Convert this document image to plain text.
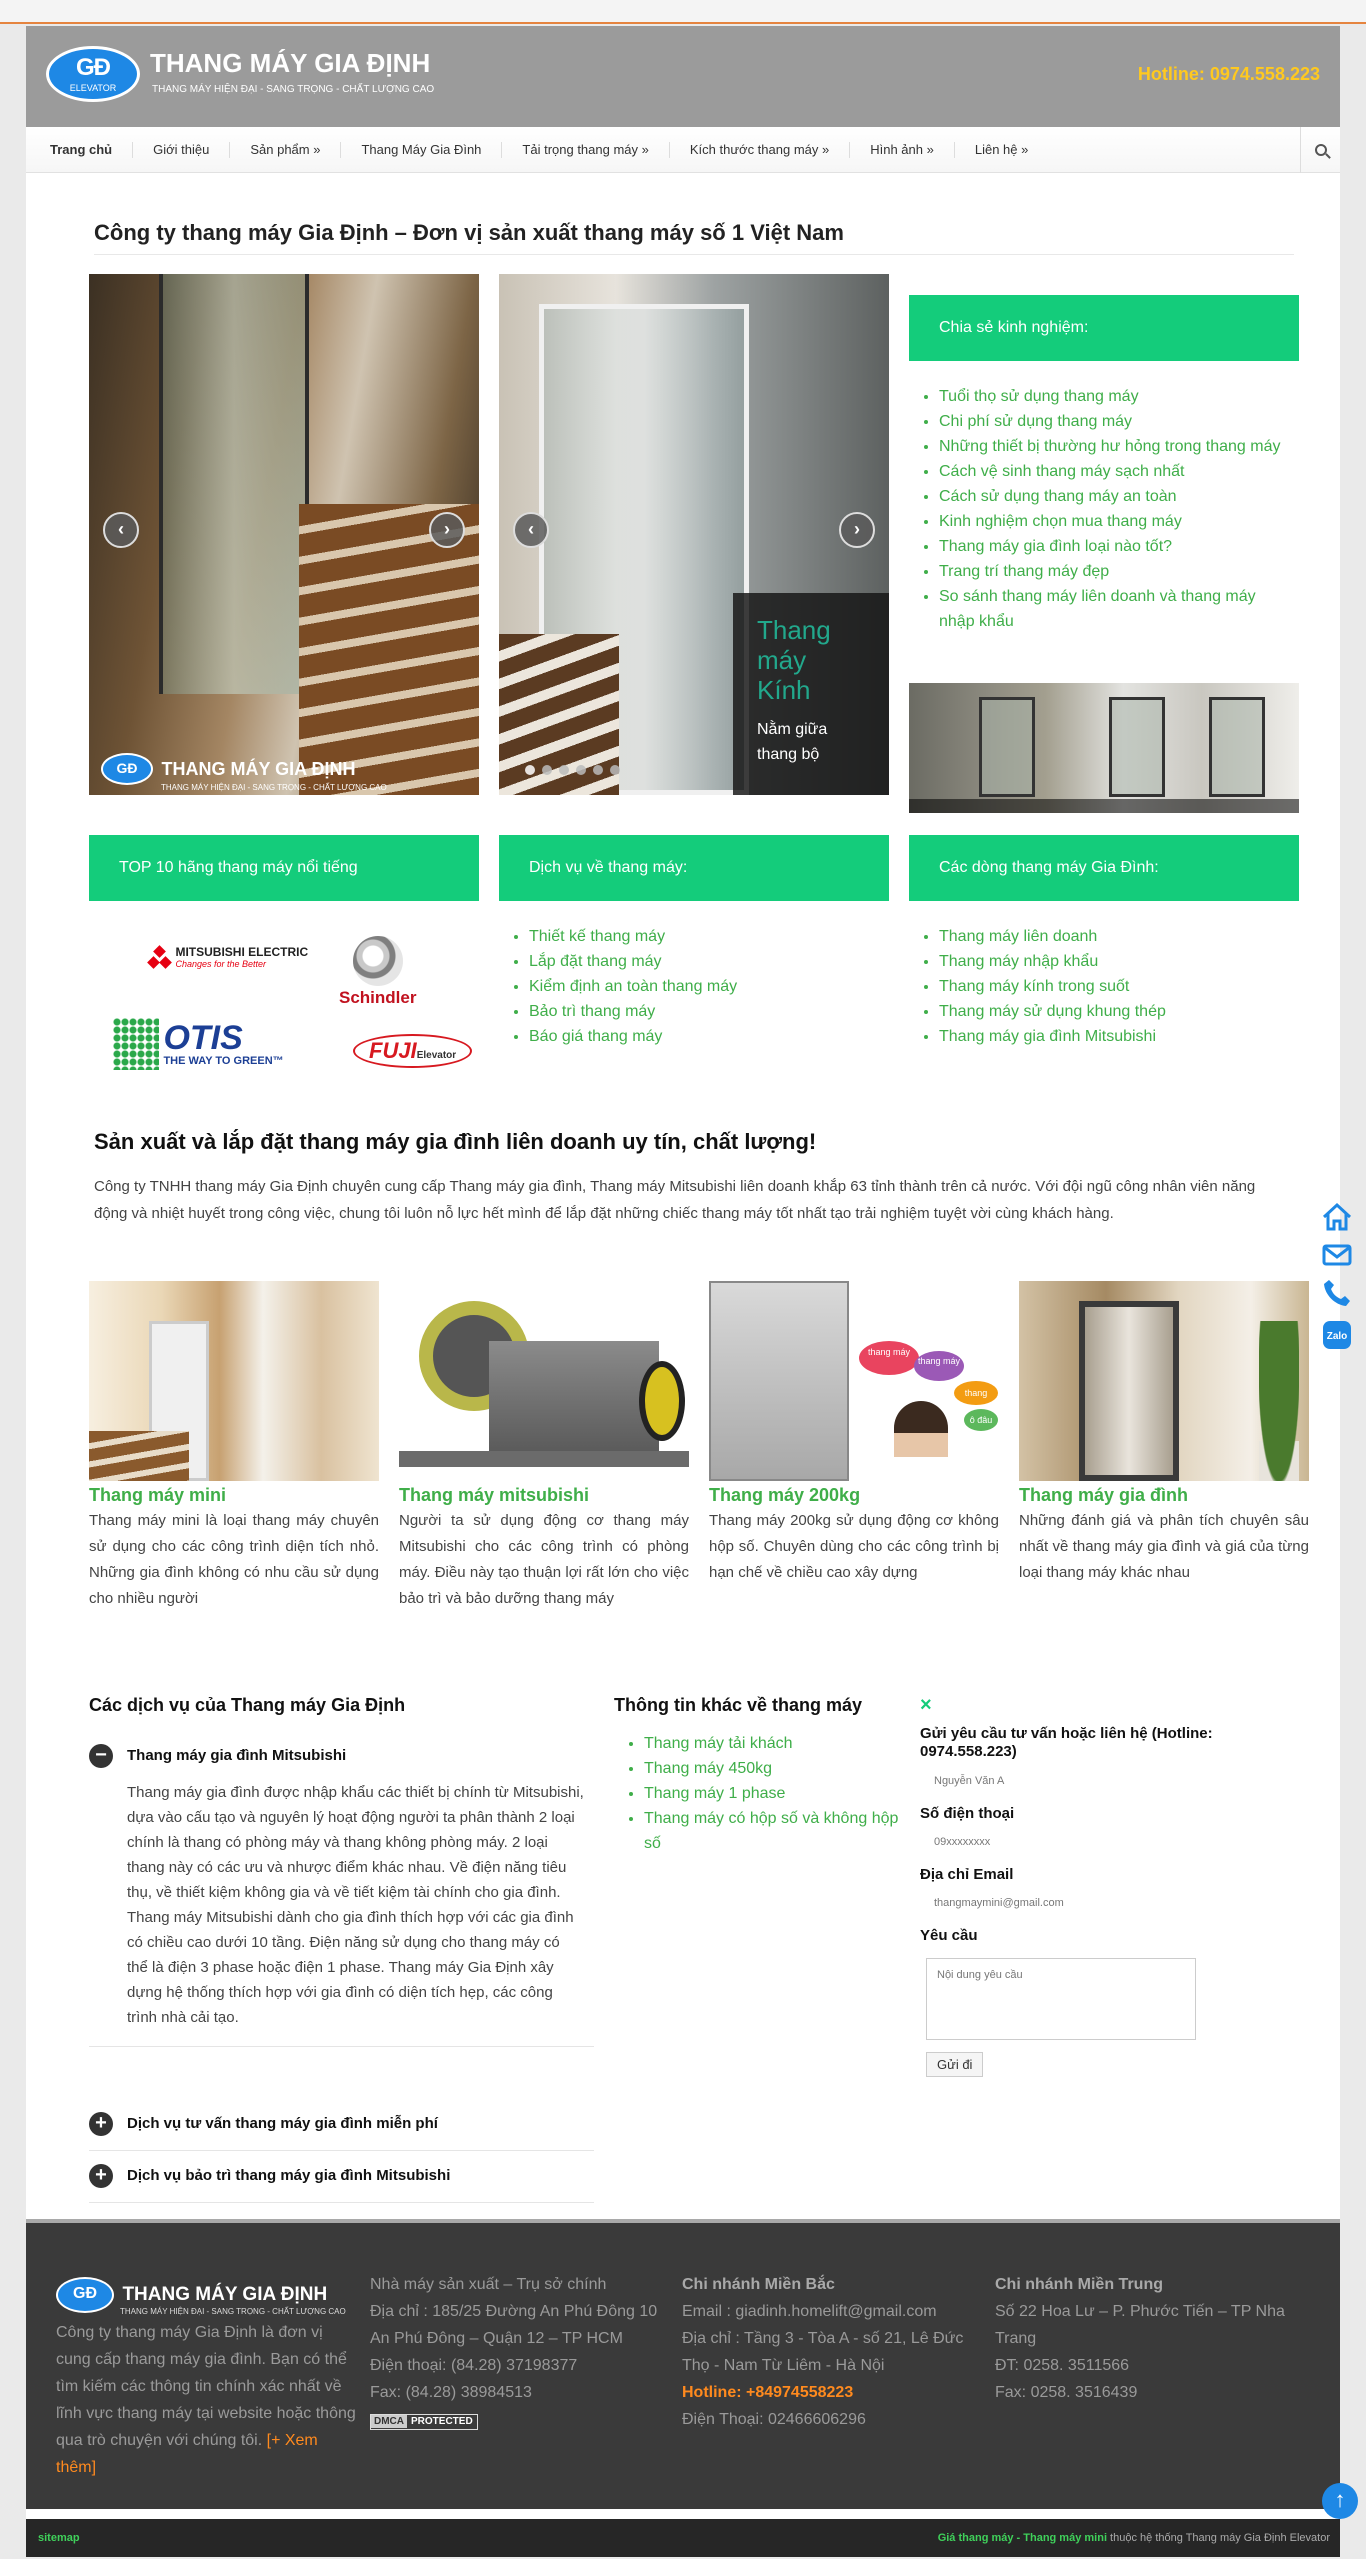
GĐ
ELEVATOR
THANG MÁY GIA ĐỊNH
THANG MÁY HIỆN ĐẠI - SANG TRỌNG - CHẤT LƯỢNG CAO
Hotline: 0974.558.223
Trang chủ	Giới thiệu	Sản phẩm »	Thang Máy Gia Đình	Tải trọng thang máy »	Kích thước thang máy »	Hình ảnh »	Liên hệ »
Công ty thang máy Gia Định – Đơn vị sản xuất thang máy số 1 Việt Nam
‹	›
GĐ THANG MÁY GIA ĐỊNH
THANG MÁY HIỆN ĐẠI - SANG TRỌNG - CHẤT LƯỢNG CAO
‹	›
Thang máy Kính
Nằm giữa thang bộ
Chia sẻ kinh nghiệm:
• Tuổi thọ sử dụng thang máy
• Chi phí sử dụng thang máy
• Những thiết bị thường hư hỏng trong thang máy
• Cách vệ sinh thang máy sạch nhất
• Cách sử dụng thang máy an toàn
• Kinh nghiệm chọn mua thang máy
• Thang máy gia đình loại nào tốt?
• Trang trí thang máy đẹp
• So sánh thang máy liên doanh và thang máy nhập khẩu
TOP 10 hãng thang máy nổi tiếng
MITSUBISHI ELECTRIC
Changes for the Better
Schindler
OTIS
THE WAY TO GREEN™	FUJIElevator
Dịch vụ về thang máy:
• Thiết kế thang máy
• Lắp đặt thang máy
• Kiểm định an toàn thang máy
• Bảo trì thang máy
• Báo giá thang máy
Các dòng thang máy Gia Đình:
• Thang máy liên doanh
• Thang máy nhập khẩu
• Thang máy kính trong suốt
• Thang máy sử dụng khung thép
• Thang máy gia đình Mitsubishi
Sản xuất và lắp đặt thang máy gia đình liên doanh uy tín, chất lượng!
Công ty TNHH thang máy Gia Định chuyên cung cấp Thang máy gia đình, Thang máy Mitsubishi liên doanh khắp 63 tỉnh thành trên cả nước. Với đội ngũ công nhân viên năng động và nhiệt huyết trong công việc, chung tôi luôn nỗ lực hết mình để lắp đặt những chiếc thang máy tốt nhất tạo trải nghiệm tuyệt vời cùng khách hàng.
Thang máy mini
Thang máy mini là loại thang máy chuyên sử dụng cho các công trình diện tích nhỏ. Những gia đình không có nhu cầu sử dụng cho nhiều người
Thang máy mitsubishi
Người ta sử dụng động cơ thang máy Mitsubishi cho các công trình có phòng máy. Điều này tạo thuận lợi rất lớn cho việc bảo trì và bảo dưỡng thang máy
thang máy
thang máy
thang
ô đâu
Thang máy 200kg
Thang máy 200kg sử dụng động cơ không hộp số. Chuyên dùng cho các công trình bị hạn chế về chiều cao xây dựng
Thang máy gia đình
Những đánh giá và phân tích chuyên sâu nhất về thang máy gia đình và giá của từng loại thang máy khác nhau
Các dịch vụ của Thang máy Gia Định
−	Thang máy gia đình Mitsubishi
Thang máy gia đình được nhập khẩu các thiết bị chính từ Mitsubishi, dựa vào cấu tạo và nguyên lý hoạt động người ta phân thành 2 loại chính là thang có phòng máy và thang không phòng máy. 2 loại thang này có các ưu và nhược điểm khác nhau. Về điện năng tiêu thụ, về thiết kiệm không gia và về tiết kiệm tài chính cho gia đình. Thang máy Mitsubishi dành cho gia đình thích hợp với các gia đình có chiều cao dưới 10 tầng. Điện năng sử dụng cho thang máy có thể là điện 3 phase hoặc điện 1 phase. Thang máy Gia Định xây dựng hệ thống thích hợp với gia đình có diện tích hẹp, các công trình nhà cải tạo.
+	Dịch vụ tư vấn thang máy gia đình miễn phí
+	Dịch vụ bảo trì thang máy gia đình Mitsubishi
Thông tin khác về thang máy
• Thang máy tải khách
• Thang máy 450kg
• Thang máy 1 phase
• Thang máy có hộp số và không hộp số
×
Gửi yêu cầu tư vấn hoặc liên hệ (Hotline: 0974.558.223)
Nguyễn Văn A
Số điện thoại
09xxxxxxxx
Địa chỉ Email
thangmaymini@gmail.com
Yêu cầu
Nội dung yêu cầu
Gửi đi
GĐ THANG MÁY GIA ĐỊNH
THANG MÁY HIỆN ĐẠI - SANG TRỌNG - CHẤT LƯỢNG CAO
Công ty thang máy Gia Định là đơn vị cung cấp thang máy gia đình. Bạn có thể tìm kiếm các thông tin chính xác nhất về lĩnh vực thang máy tại website hoặc thông qua trò chuyện với chúng tôi. [+ Xem thêm]
Nhà máy sản xuất – Trụ sở chính
Địa chỉ : 185/25 Đường An Phú Đông 10 An Phú Đông – Quận 12 – TP HCM
Điện thoại: (84.28) 37198377
Fax: (84.28) 38984513
DMCA PROTECTED
Chi nhánh Miền Bắc
Email : giadinh.homelift@gmail.com
Địa chỉ : Tầng 3 - Tòa A - số 21, Lê Đức Thọ - Nam Từ Liêm - Hà Nội
Hotline: +84974558223
Điện Thoại: 02466606296
Chi nhánh Miền Trung
Số 22 Hoa Lư – P. Phước Tiến – TP Nha Trang
ĐT: 0258. 3511566
Fax: 0258. 3516439
sitemap	Giá thang máy - Thang máy mini thuộc hệ thống Thang máy Gia Định Elevator
Zalo
↑
